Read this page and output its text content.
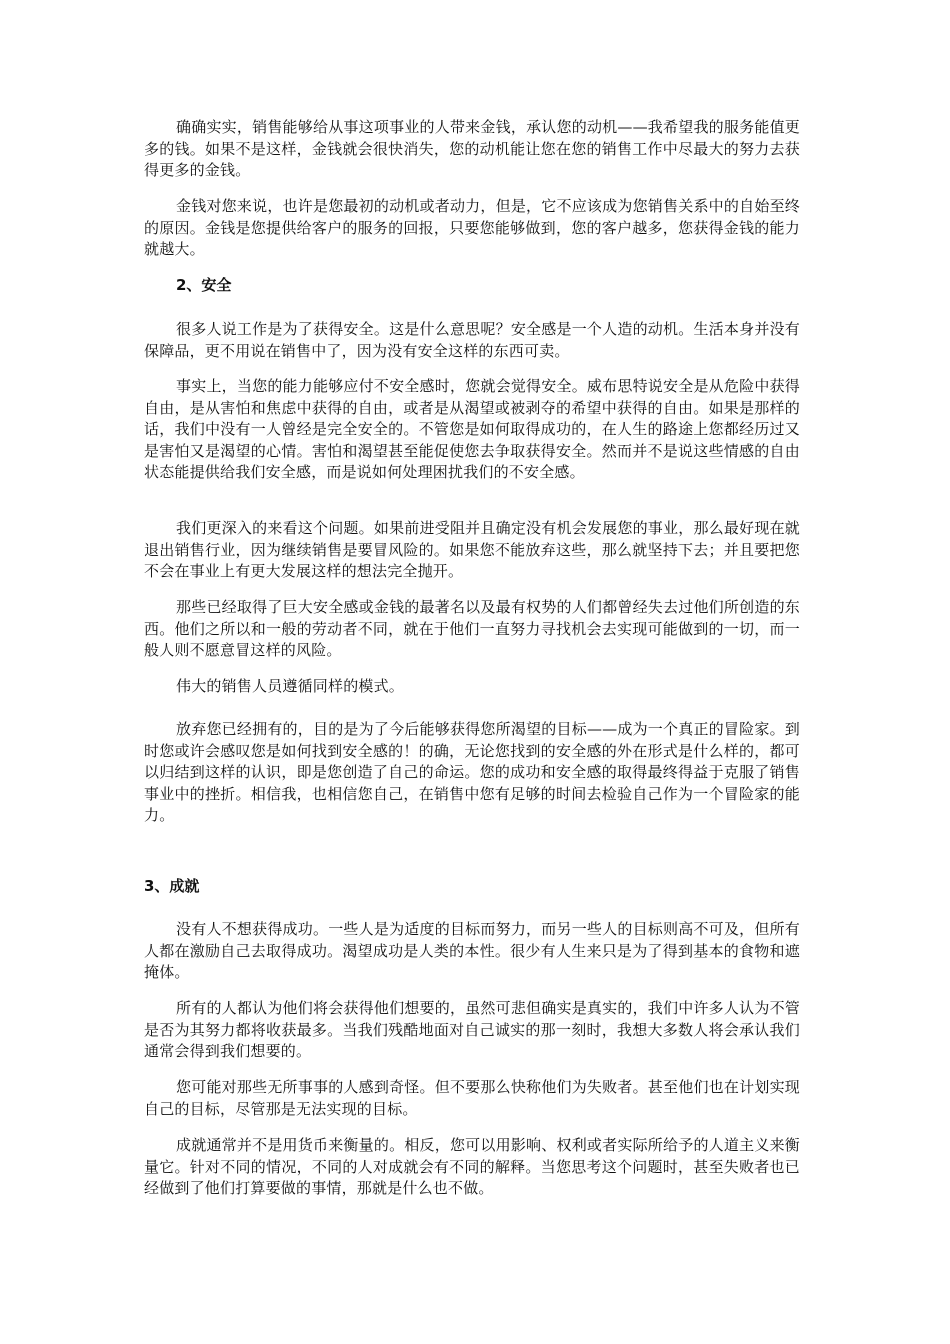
确确实实，销售能够给从事这项事业的人带来金钱，承认您的动机——我希望我的服务能值更多的钱。如果不是这样，金钱就会很快消失，您的动机能让您在您的销售工作中尽最大的努力去获得更多的金钱。

金钱对您来说，也许是您最初的动机或者动力，但是，它不应该成为您销售关系中的自始至终的原因。金钱是您提供给客户的服务的回报，只要您能够做到，您的客户越多，您获得金钱的能力就越大。

2、安全

很多人说工作是为了获得安全。这是什么意思呢？安全感是一个人造的动机。生活本身并没有保障品，更不用说在销售中了，因为没有安全这样的东西可卖。

事实上，当您的能力能够应付不安全感时，您就会觉得安全。威布思特说安全是从危险中获得自由，是从害怕和焦虑中获得的自由，或者是从渴望或被剥夺的希望中获得的自由。如果是那样的话，我们中没有一人曾经是完全安全的。不管您是如何取得成功的，在人生的路途上您都经历过又是害怕又是渴望的心情。害怕和渴望甚至能促使您去争取获得安全。然而并不是说这些情感的自由状态能提供给我们安全感，而是说如何处理困扰我们的不安全感。

我们更深入的来看这个问题。如果前进受阻并且确定没有机会发展您的事业，那么最好现在就退出销售行业，因为继续销售是要冒风险的。如果您不能放弃这些，那么就坚持下去；并且要把您不会在事业上有更大发展这样的想法完全抛开。

那些已经取得了巨大安全感或金钱的最著名以及最有权势的人们都曾经失去过他们所创造的东西。他们之所以和一般的劳动者不同，就在于他们一直努力寻找机会去实现可能做到的一切，而一般人则不愿意冒这样的风险。

伟大的销售人员遵循同样的模式。

放弃您已经拥有的，目的是为了今后能够获得您所渴望的目标——成为一个真正的冒险家。到时您或许会感叹您是如何找到安全感的！的确，无论您找到的安全感的外在形式是什么样的，都可以归结到这样的认识，即是您创造了自己的命运。您的成功和安全感的取得最终得益于克服了销售事业中的挫折。相信我，也相信您自己，在销售中您有足够的时间去检验自己作为一个冒险家的能力。

3、成就

没有人不想获得成功。一些人是为适度的目标而努力，而另一些人的目标则高不可及，但所有人都在激励自己去取得成功。渴望成功是人类的本性。很少有人生来只是为了得到基本的食物和遮掩体。

所有的人都认为他们将会获得他们想要的，虽然可悲但确实是真实的，我们中许多人认为不管是否为其努力都将收获最多。当我们残酷地面对自己诚实的那一刻时，我想大多数人将会承认我们通常会得到我们想要的。

您可能对那些无所事事的人感到奇怪。但不要那么快称他们为失败者。甚至他们也在计划实现自己的目标，尽管那是无法实现的目标。

成就通常并不是用货币来衡量的。相反，您可以用影响、权利或者实际所给予的人道主义来衡量它。针对不同的情况，不同的人对成就会有不同的解释。当您思考这个问题时，甚至失败者也已经做到了他们打算要做的事情，那就是什么也不做。
